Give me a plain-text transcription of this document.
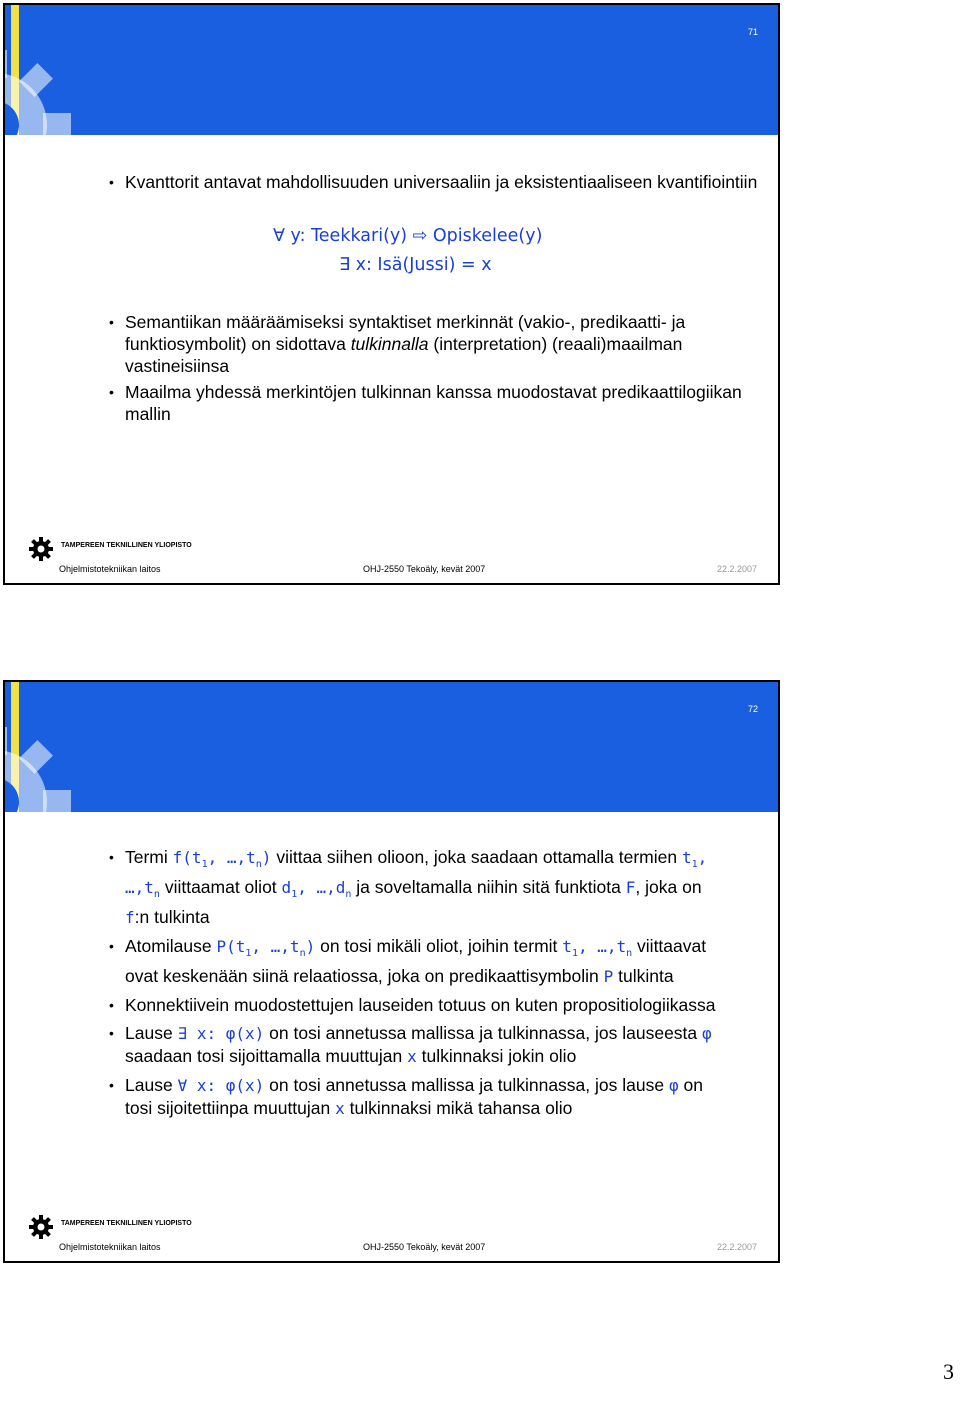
71
• Kvanttorit antavat mahdollisuuden universaaliin ja eksistentiaaliseen kvantifiointiin
∀ y: Teekkari(y) ⇨ Opiskelee(y)
∃ x: Isä(Jussi) = x
• Semantiikan määräämiseksi syntaktiset merkinnät (vakio-, predikaatti- ja funktiosymbolit) on sidottava tulkinnalla (interpretation) (reaali)maailman vastineisiinsa
• Maailma yhdessä merkintöjen tulkinnan kanssa muodostavat predikaattilogiikan mallin
TAMPEREEN TEKNILLINEN YLIOPISTO
Ohjelmistotekniikan laitos	OHJ-2550 Tekoäly, kevät 2007	22.2.2007
72
• Termi $f(t_1$, $\dots,t_n$) viittaa siihen olioon, joka saadaan ottamalla termien $t_1$, $\dots,t_n$ viittaamat oliot $d_1$, $\dots,d_n$ ja soveltamalla niihin sitä funktiota F, joka on f:n tulkinta
• Atomilause $P(t_1$, $\dots,t_n$) on tosi mikäli oliot, joihin termit $t_1$, $\dots,t_n$ viittaavat ovat keskenään siinä relaatiossa, joka on predikaattisymbolin P tulkinta
• Konnektiivein muodostettujen lauseiden totuus on kuten propositiologiikassa
• Lause ∃ x: φ(x) on tosi annetussa mallissa ja tulkinnassa, jos lauseesta φ saadaan tosi sijoittamalla muuttujan x tulkinnaksi jokin olio
• Lause ∀ x: φ(x) on tosi annetussa mallissa ja tulkinnassa, jos lause φ on tosi sijoitettiinpa muuttujan x tulkinnaksi mikä tahansa olio
TAMPEREEN TEKNILLINEN YLIOPISTO
Ohjelmistotekniikan laitos	OHJ-2550 Tekoäly, kevät 2007	22.2.2007
3
